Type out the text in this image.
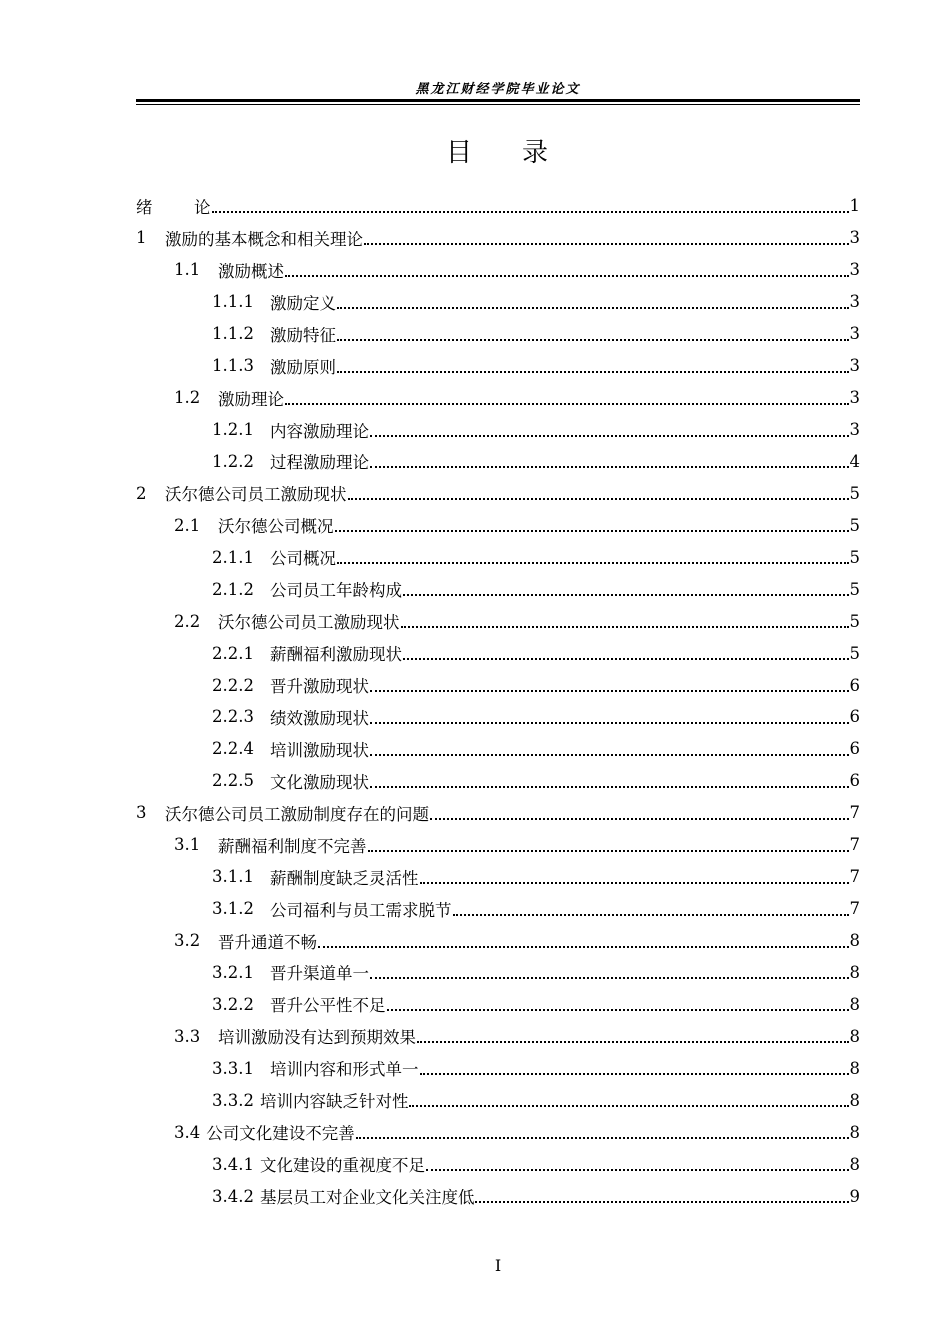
黑龙江财经学院毕业论文
目 录
绪	论	1
1	激励的基本概念和相关理论	3
1.1	激励概述	3
1.1.1 激励定义	3
1.1.2 激励特征	3
1.1.3 激励原则	3
1.2	激励理论	3
1.2.1 内容激励理论	3
1.2.2 过程激励理论	4
2	沃尔德公司员工激励现状	5
2.1	沃尔德公司概况	5
2.1.1 公司概况	5
2.1.2 公司员工年龄构成	5
2.2	沃尔德公司员工激励现状	5
2.2.1 薪酬福利激励现状	5
2.2.2 晋升激励现状	6
2.2.3 绩效激励现状	6
2.2.4 培训激励现状	6
2.2.5 文化激励现状	6
3	沃尔德公司员工激励制度存在的问题	7
3.1	薪酬福利制度不完善	7
3.1.1 薪酬制度缺乏灵活性	7
3.1.2 公司福利与员工需求脱节	7
3.2	晋升通道不畅	8
3.2.1 晋升渠道单一	8
3.2.2 晋升公平性不足	8
3.3	培训激励没有达到预期效果	8
3.3.1 培训内容和形式单一	8
3.3.2 培训内容缺乏针对性	8
3.4 公司文化建设不完善	8
3.4.1 文化建设的重视度不足	8
3.4.2 基层员工对企业文化关注度低	9
I
